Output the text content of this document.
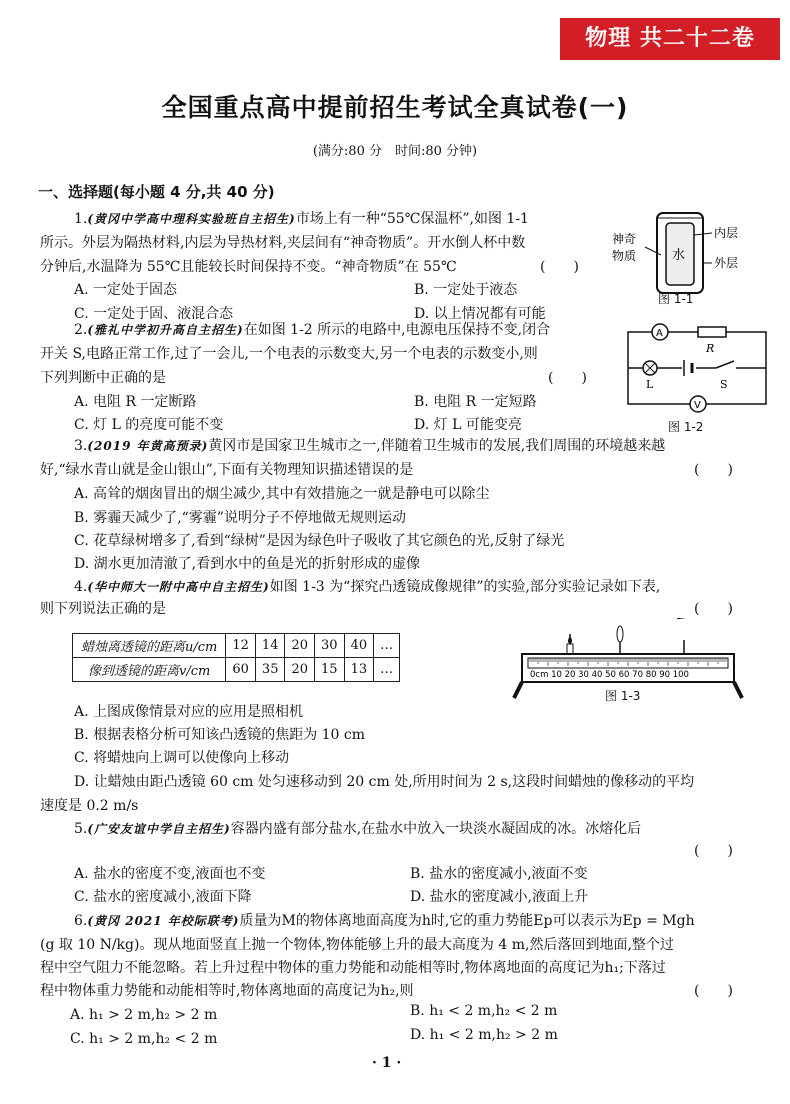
物理 共二十二卷
全国重点高中提前招生考试全真试卷(一)
(满分:80 分　时间:80 分钟)
一、选择题(每小题 4 分,共 40 分)
1.(黄冈中学高中理科实验班自主招生)市场上有一种“55℃保温杯”,如图 1-1
所示。外层为隔热材料,内层为导热材料,夹层间有“神奇物质”。开水倒人杯中数
分钟后,水温降为 55℃且能较长时间保持不变。“神奇物质”在 55℃	(　　)
A. 一定处于固态	B. 一定处于液态
C. 一定处于固、液混合态	D. 以上情况都有可能
水
神奇
物质
内层
外层
图 1-1
2.(雅礼中学初升高自主招生)在如图 1-2 所示的电路中,电源电压保持不变,闭合
开关 S,电路正常工作,过了一会儿,一个电表的示数变大,另一个电表的示数变小,则
下列判断中正确的是	(　　)
A. 电阻 R 一定断路	B. 电阻 R 一定短路
C. 灯 L 的亮度可能不变	D. 灯 L 可能变亮
A
R
L	S
V
图 1-2
3.(2019 年黄高预录)黄冈市是国家卫生城市之一,伴随着卫生城市的发展,我们周围的环境越来越
好,“绿水青山就是金山银山”,下面有关物理知识描述错误的是	(　　)
A. 高耸的烟囱冒出的烟尘减少,其中有效措施之一就是静电可以除尘
B. 雾霾天减少了,“雾霾”说明分子不停地做无规则运动
C. 花草绿树增多了,看到“绿树”是因为绿色叶子吸收了其它颜色的光,反射了绿光
D. 湖水更加清澈了,看到水中的鱼是光的折射形成的虚像
4.(华中师大一附中高中自主招生)如图 1-3 为“探究凸透镜成像规律”的实验,部分实验记录如下表,
则下列说法正确的是	(　　)
蜡烛离透镜的距离u/cm	12	14	20	30	40	…
像到透镜的距离v/cm	60	35	20	15	13	…	0cm 10 20 30 40 50 60 70 80 90 100
图 1-3
A. 上图成像情景对应的应用是照相机
B. 根据表格分析可知该凸透镜的焦距为 10 cm
C. 将蜡烛向上调可以使像向上移动
D. 让蜡烛由距凸透镜 60 cm 处匀速移动到 20 cm 处,所用时间为 2 s,这段时间蜡烛的像移动的平均
速度是 0.2 m/s
5.(广安友谊中学自主招生)容器内盛有部分盐水,在盐水中放入一块淡水凝固成的冰。冰熔化后
(　　)
A. 盐水的密度不变,液面也不变	B. 盐水的密度减小,液面不变
C. 盐水的密度减小,液面下降	D. 盐水的密度减小,液面上升
6.(黄冈 2021 年校际联考)质量为M的物体离地面高度为h时,它的重力势能Ep可以表示为Ep = Mgh
(g 取 10 N/kg)。现从地面竖直上抛一个物体,物体能够上升的最大高度为 4 m,然后落回到地面,整个过
程中空气阻力不能忽略。若上升过程中物体的重力势能和动能相等时,物体离地面的高度记为h₁;下落过
程中物体重力势能和动能相等时,物体离地面的高度记为h₂,则	(　　)
A. h₁ > 2 m,h₂ > 2 m	B. h₁ < 2 m,h₂ < 2 m
C. h₁ > 2 m,h₂ < 2 m	D. h₁ < 2 m,h₂ > 2 m
· 1 ·
